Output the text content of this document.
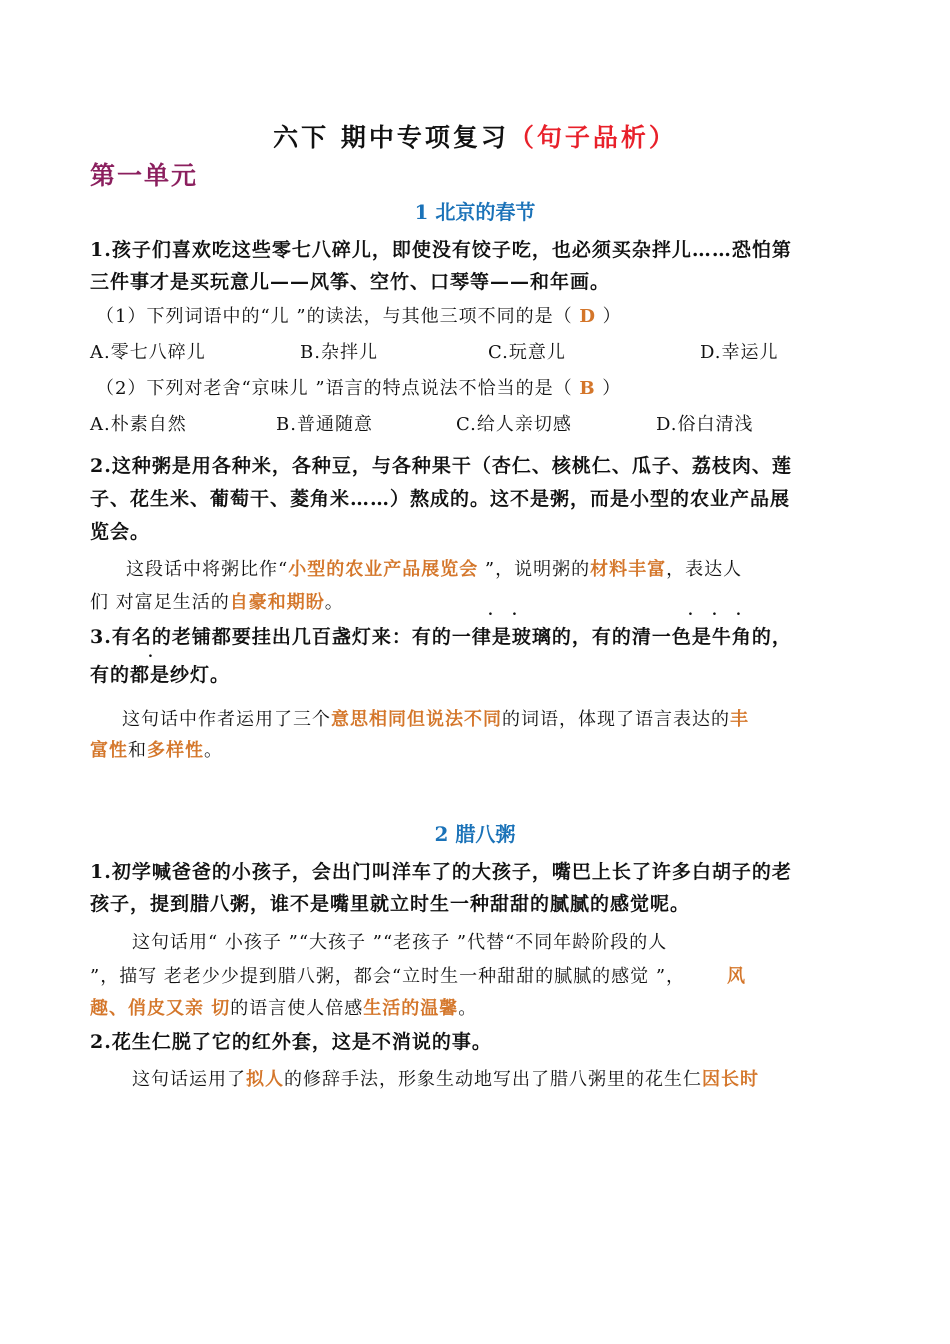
六下 期中专项复习（句子品析）
第一单元
1 北京的春节
1.孩子们喜欢吃这些零七八碎儿，即使没有饺子吃，也必须买杂拌儿……恐怕第
三件事才是买玩意儿——风筝、空竹、口琴等——和年画。
（1）下列词语中的“儿 ”的读法，与其他三项不同的是（ D ）
A.零七八碎儿	B.杂拌儿	C.玩意儿	D.幸运儿
（2）下列对老舍“京味儿 ”语言的特点说法不恰当的是（ B ）
A.朴素自然	B.普通随意	C.给人亲切感	D.俗白清浅
2.这种粥是用各种米，各种豆，与各种果干（杏仁、核桃仁、瓜子、荔枝肉、莲
子、花生米、葡萄干、菱角米……）熬成的。这不是粥，而是小型的农业产品展
览会。
这段话中将粥比作“小型的农业产品展览会 ”，说明粥的材料丰富，表达人
们 对富足生活的自豪和期盼。	. .	. . .
.
3.有名的老铺都要挂出几百盏灯来：有的一律是玻璃的，有的清一色是牛角的，
有的都是纱灯。
这句话中作者运用了三个意思相同但说法不同的词语，体现了语言表达的丰
富性和多样性。
2 腊八粥
1.初学喊爸爸的小孩子，会出门叫洋车了的大孩子，嘴巴上长了许多白胡子的老
孩子，提到腊八粥，谁不是嘴里就立时生一种甜甜的腻腻的感觉呢。
这句话用“ 小孩子 ”“大孩子 ”“老孩子 ”代替“不同年龄阶段的人
”，描写 老老少少提到腊八粥，都会“立时生一种甜甜的腻腻的感觉 ”， 风
趣、俏皮又亲 切的语言使人倍感生活的温馨。
2.花生仁脱了它的红外套，这是不消说的事。
这句话运用了拟人的修辞手法，形象生动地写出了腊八粥里的花生仁因长时
